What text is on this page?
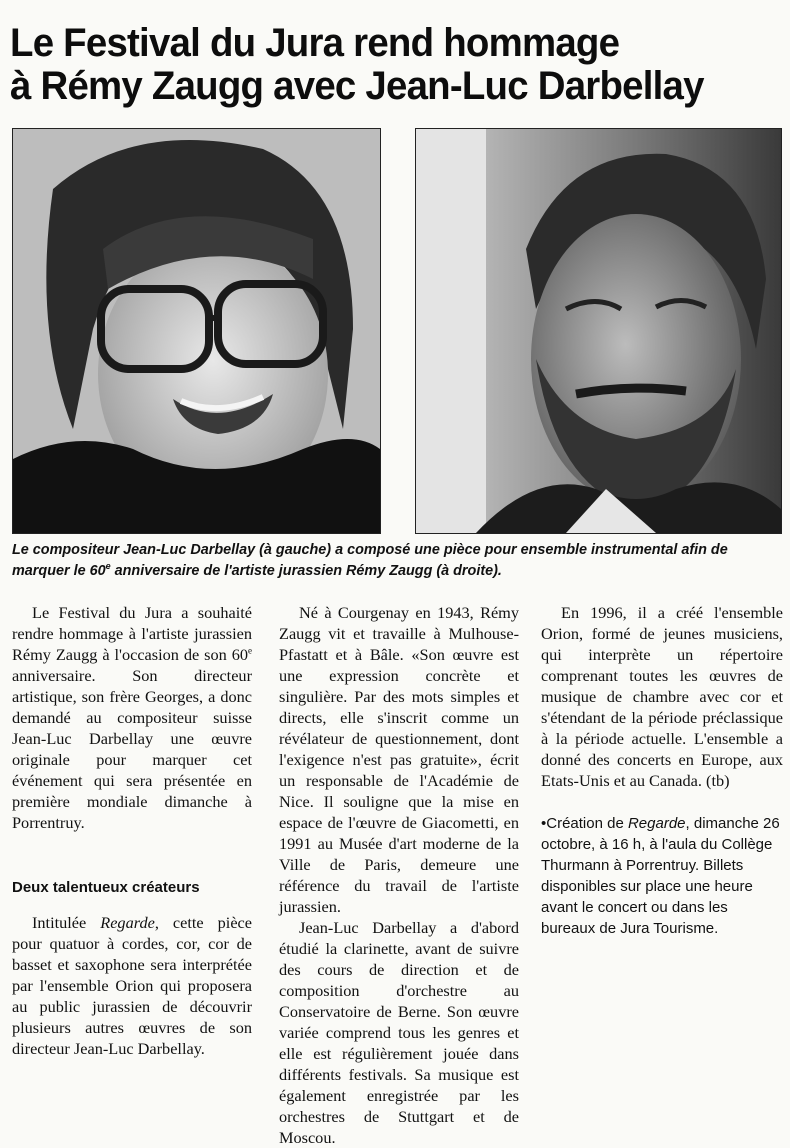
Le Festival du Jura rend hommage
à Rémy Zaugg avec Jean-Luc Darbellay
Le compositeur Jean-Luc Darbellay (à gauche) a composé une pièce pour ensemble instrumental afin de marquer le 60e anniversaire de l'artiste jurassien Rémy Zaugg (à droite).

Le Festival du Jura a souhaité rendre hommage à l'artiste jurassien Rémy Zaugg à l'occasion de son 60e anniversaire. Son directeur artistique, son frère Georges, a donc demandé au compositeur suisse Jean-Luc Darbellay une œuvre originale pour marquer cet événement qui sera présentée en première mondiale dimanche à Porrentruy.

Deux talentueux créateurs

Intitulée Regarde, cette pièce pour quatuor à cordes, cor, cor de basset et saxophone sera interprétée par l'ensemble Orion qui proposera au public jurassien de découvrir plusieurs autres œuvres de son directeur Jean-Luc Darbellay.

Né à Courgenay en 1943, Rémy Zaugg vit et travaille à Mulhouse-Pfastatt et à Bâle. «Son œuvre est une expression concrète et singulière. Par des mots simples et directs, elle s'inscrit comme un révélateur de questionnement, dont l'exigence n'est pas gratuite», écrit un responsable de l'Académie de Nice. Il souligne que la mise en espace de l'œuvre de Giacometti, en 1991 au Musée d'art moderne de la Ville de Paris, demeure une référence du travail de l'artiste jurassien.

Jean-Luc Darbellay a d'abord étudié la clarinette, avant de suivre des cours de direction et de composition d'orchestre au Conservatoire de Berne. Son œuvre variée comprend tous les genres et elle est régulièrement jouée dans différents festivals. Sa musique est également enregistrée par les orchestres de Stuttgart et de Moscou.

En 1996, il a créé l'ensemble Orion, formé de jeunes musiciens, qui interprète un répertoire comprenant toutes les œuvres de musique de chambre avec cor et s'étendant de la période préclassique à la période actuelle. L'ensemble a donné des concerts en Europe, aux Etats-Unis et au Canada. (tb)

•Création de Regarde, dimanche 26 octobre, à 16 h, à l'aula du Collège Thurmann à Porrentruy. Billets disponibles sur place une heure avant le concert ou dans les bureaux de Jura Tourisme.
